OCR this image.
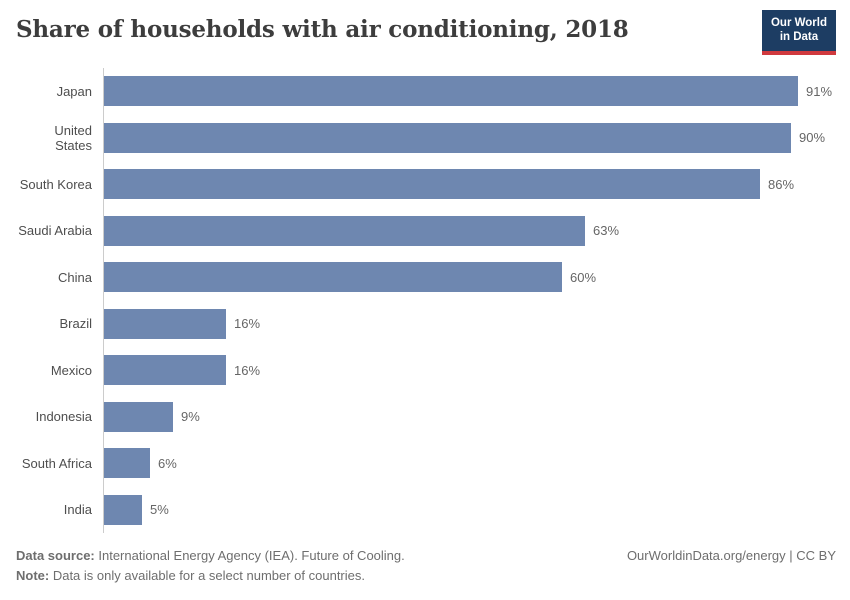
Share of households with air conditioning, 2018	Our World
in Data
Japan	91%
United States	90%
South Korea	86%
Saudi Arabia	63%
China	60%
Brazil	16%
Mexico	16%
Indonesia	9%
South Africa	6%
India	5%
Data source: International Energy Agency (IEA). Future of Cooling.
Note: Data is only available for a select number of countries.
OurWorldinData.org/energy | CC BY
